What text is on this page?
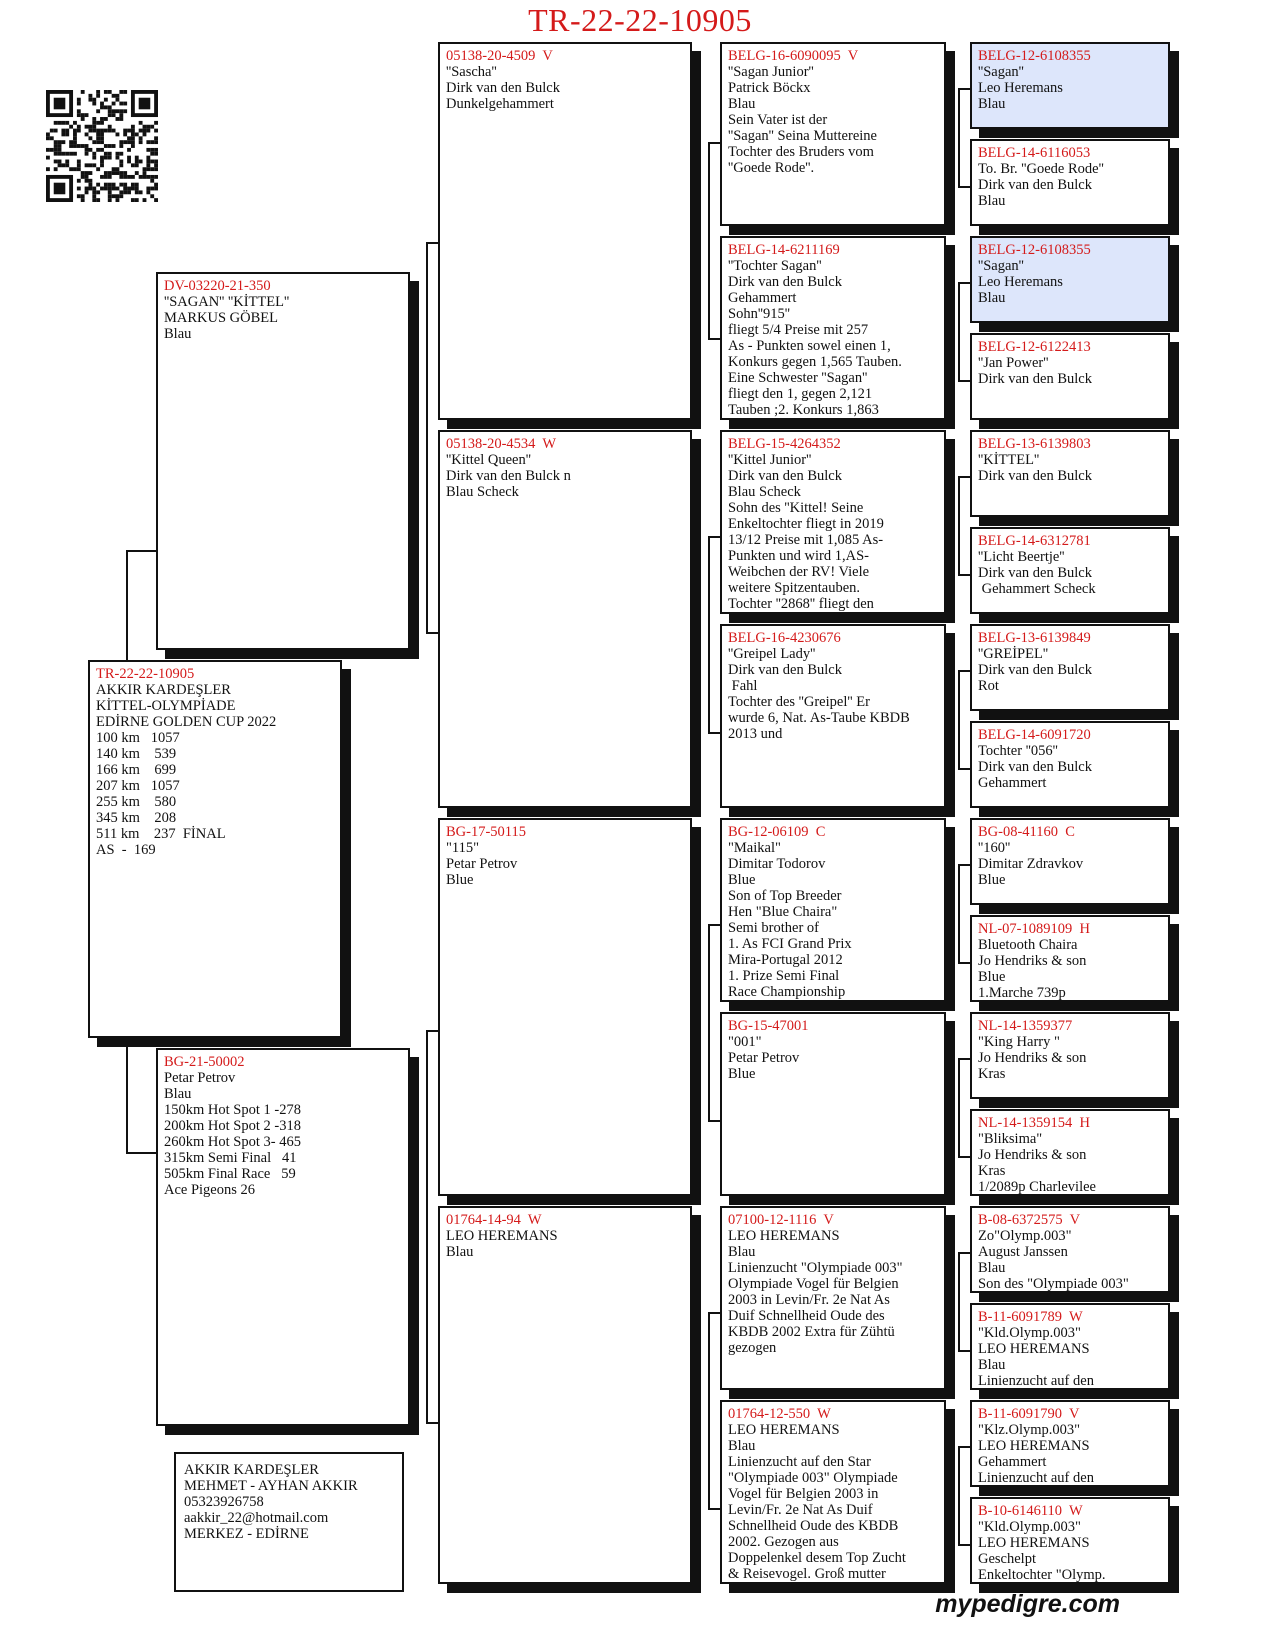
TR-22-22-10905
TR-22-22-10905
AKKIR KARDEŞLER
KİTTEL-OLYMPİADE
EDİRNE GOLDEN CUP 2022
100 km   1057
140 km    539
166 km    699
207 km   1057
255 km    580
345 km    208
511 km    237  FİNAL
AS  -  169
DV-03220-21-350
''SAGAN'' ''KİTTEL''
MARKUS GÖBEL
Blau
BG-21-50002
Petar Petrov
Blau
150km Hot Spot 1 -278
200km Hot Spot 2 -318
260km Hot Spot 3- 465
315km Semi Final   41
505km Final Race   59
Ace Pigeons 26
05138-20-4509  V
''Sascha''
Dirk van den Bulck
Dunkelgehammert
05138-20-4534  W
''Kittel Queen''
Dirk van den Bulck n
Blau Scheck
BG-17-50115
"115"
Petar Petrov
Blue
01764-14-94  W
LEO HEREMANS
Blau
BELG-16-6090095  V
''Sagan Junior''
Patrick Böckx
Blau
Sein Vater ist der
''Sagan'' Seina Muttereine
Tochter des Bruders vom
''Goede Rode''.
BELG-14-6211169
''Tochter Sagan''
Dirk van den Bulck
Gehammert
Sohn''915''
fliegt 5/4 Preise mit 257
As - Punkten sowel einen 1,
Konkurs gegen 1,565 Tauben.
Eine Schwester ''Sagan''
fliegt den 1, gegen 2,121
Tauben ;2. Konkurs 1,863
BELG-15-4264352
''Kittel Junior''
Dirk van den Bulck
Blau Scheck
Sohn des ''Kittel! Seine
Enkeltochter fliegt in 2019
13/12 Preise mit 1,085 As-
Punkten und wird 1,AS-
Weibchen der RV! Viele
weitere Spitzentauben.
Tochter ''2868'' fliegt den
BELG-16-4230676
''Greipel Lady''
Dirk van den Bulck
Fahl
Tochter des ''Greipel'' Er
wurde 6, Nat. As-Taube KBDB
2013 und
BG-12-06109  C
"Maikal"
Dimitar Todorov
Blue
Son of Top Breeder
Hen "Blue Chaira"
Semi brother of
1. As FCI Grand Prix
Mira-Portugal 2012
1. Prize Semi Final
Race Championship
BG-15-47001
"001"
Petar Petrov
Blue
07100-12-1116  V
LEO HEREMANS
Blau
Linienzucht "Olympiade 003"
Olympiade Vogel für Belgien
2003 in Levin/Fr. 2e Nat As
Duif Schnellheid Oude des
KBDB 2002 Extra für Zühtü
gezogen
01764-12-550  W
LEO HEREMANS
Blau
Linienzucht auf den Star
"Olympiade 003" Olympiade
Vogel für Belgien 2003 in
Levin/Fr. 2e Nat As Duif
Schnellheid Oude des KBDB
2002. Gezogen aus
Doppelenkel desem Top Zucht
& Reisevogel. Groß mutter
BELG-12-6108355
''Sagan''
Leo Heremans
Blau
BELG-14-6116053
To. Br. ''Goede Rode''
Dirk van den Bulck
Blau
BELG-12-6108355
''Sagan''
Leo Heremans
Blau
BELG-12-6122413
''Jan Power''
Dirk van den Bulck
BELG-13-6139803
''KİTTEL''
Dirk van den Bulck
BELG-14-6312781
''Licht Beertje''
Dirk van den Bulck
Gehammert Scheck
BELG-13-6139849
''GREİPEL''
Dirk van den Bulck
Rot
BELG-14-6091720
Tochter ''056''
Dirk van den Bulck
Gehammert
BG-08-41160  C
''160''
Dimitar Zdravkov
Blue
NL-07-1089109  H
Bluetooth Chaira
Jo Hendriks & son
Blue
1.Marche 739p
NL-14-1359377
"King Harry "
Jo Hendriks & son
Kras
NL-14-1359154  H
"Bliksima"
Jo Hendriks & son
Kras
1/2089p Charlevilee
B-08-6372575  V
Zo"Olymp.003"
August Janssen
Blau
Son des "Olympiade 003"
B-11-6091789  W
"Kld.Olymp.003"
LEO HEREMANS
Blau
Linienzucht auf den
B-11-6091790  V
"Klz.Olymp.003"
LEO HEREMANS
Gehammert
Linienzucht auf den
B-10-6146110  W
"Kld.Olymp.003"
LEO HEREMANS
Geschelpt
Enkeltochter "Olymp.
AKKIR KARDEŞLER
MEHMET - AYHAN AKKIR
05323926758
aakkir_22@hotmail.com
MERKEZ - EDİRNE
mypedigre.com
